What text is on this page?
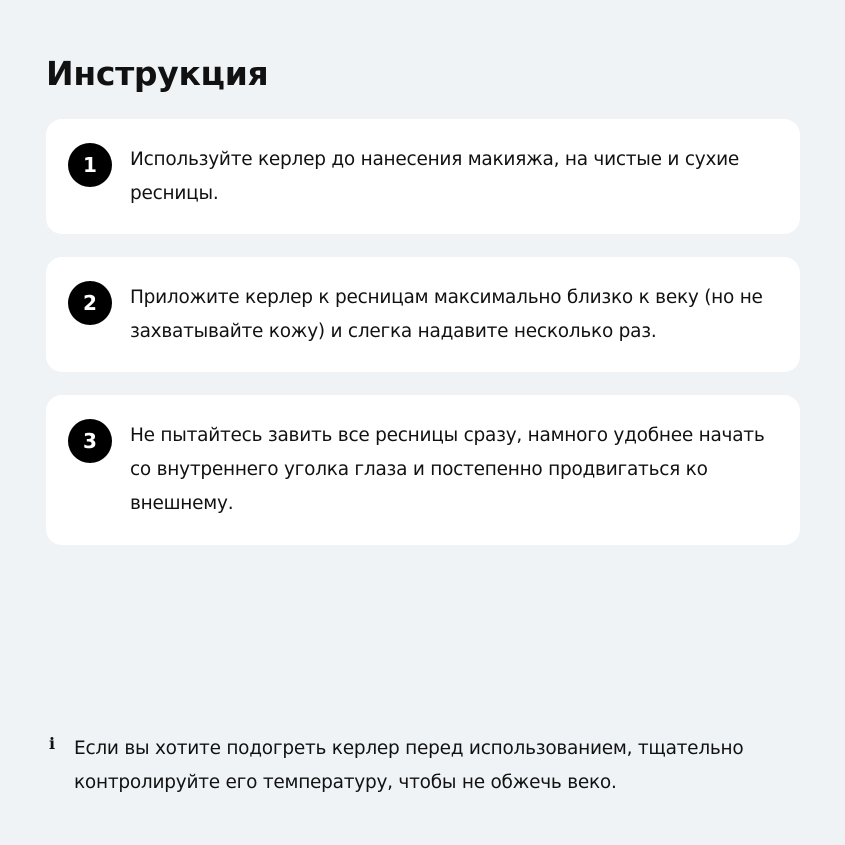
Инструкция
1	Используйте керлер до нанесения макияжа, на чистые и сухие ресницы.
2	Приложите керлер к ресницам максимально близко к веку (но не захватывайте кожу) и слегка надавите несколько раз.
3	Не пытайтесь завить все ресницы сразу, намного удобнее начать со внутреннего уголка глаза и постепенно продвигаться ко внешнему.
i Если вы хотите подогреть керлер перед использованием, тщательно контролируйте его температуру, чтобы не обжечь веко.
